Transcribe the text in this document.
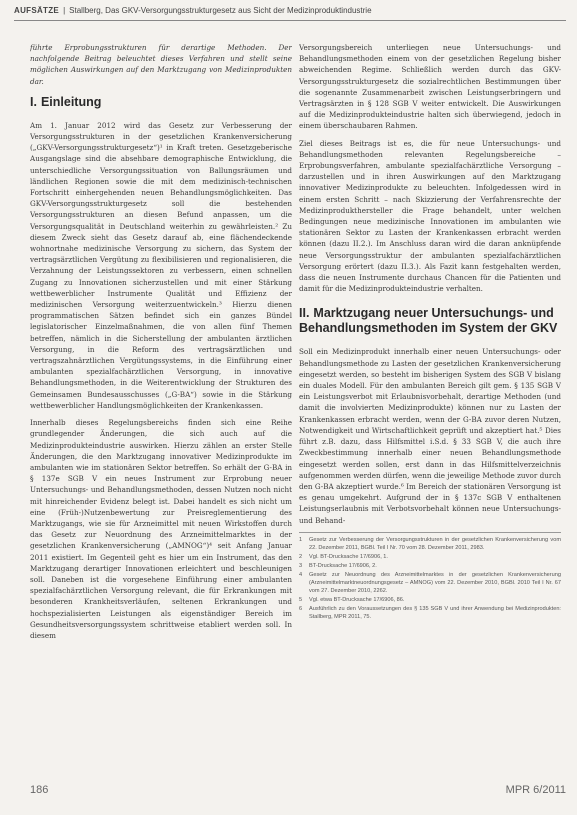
AUFSÄTZE | Stallberg, Das GKV-Versorgungsstrukturgesetz aus Sicht der Medizinproduktindustrie

führte Erprobungsstrukturen für derartige Methoden. Der nachfolgende Beitrag beleuchtet dieses Verfahren und stellt seine möglichen Auswirkungen auf den Marktzugang von Medizinprodukten dar.

I. Einleitung

Am 1. Januar 2012 wird das Gesetz zur Verbesserung der Versorgungsstrukturen in der gesetzlichen Krankenversicherung („GKV-Versorgungsstrukturgesetz“)¹ in Kraft treten. Gesetzgeberische Ausgangslage sind die absehbare demographische Entwicklung, die unterschiedliche Versorgungssituation von Ballungsräumen und ländlichen Regionen sowie die mit dem medizinisch-technischen Fortschritt einhergehenden neuen Behandlungsmöglichkeiten. Das GKV-Versorgungsstrukturgesetz soll die bestehenden Versorgungsstrukturen an diesen Befund anpassen, um die Versorgungsqualität in Deutschland weiterhin zu gewährleisten.² Zu diesem Zweck sieht das Gesetz darauf ab, eine flächendeckende wohnortnahe medizinische Versorgung zu sichern, das System der vertragsärztlichen Vergütung zu flexibilisieren und regionalisieren, die Verzahnung der Leistungssektoren zu verbessern, einen schnellen Zugang zu Innovationen sicherzustellen und mit einer Stärkung wettbewerblicher Instrumente Qualität und Effizienz der medizinischen Versorgung weiterzuentwickeln.³ Hierzu dienen programmatischen Sätzen befindet sich ein ganzes Bündel legislatorischer Einzelmaßnahmen, die von allen fünf Themen betreffen, nämlich in die Sicherstellung der ambulanten ärztlichen Versorgung, in die Reform des vertragsärztlichen und vertragszahnärztlichen Vergütungssystems, in die Einführung einer ambulanten spezialfachärztlichen Versorgung, in innovative Behandlungsmethoden, in die Weiterentwicklung der Strukturen des Gemeinsamen Bundesausschusses („G-BA“) sowie in die Stärkung wettbewerblicher Handlungsmöglichkeiten der Krankenkassen.

Innerhalb dieses Regelungsbereichs finden sich eine Reihe grundlegender Änderungen, die sich auch auf die Medizinprodukteindustrie auswirken. Hierzu zählen an erster Stelle Änderungen, die den Marktzugang innovativer Medizinprodukte im ambulanten wie im stationären Sektor betreffen. So erhält der G-BA in § 137e SGB V ein neues Instrument zur Erprobung neuer Untersuchungs- und Behandlungsmethoden, dessen Nutzen noch nicht mit hinreichender Evidenz belegt ist. Dabei handelt es sich nicht um eine (Früh-)Nutzenbewertung zur Preisreglementierung des Marktzugangs, wie sie für Arzneimittel mit neuen Wirkstoffen durch das Gesetz zur Neuordnung des Arzneimittelmarktes in der gesetzlichen Krankenversicherung („AMNOG“)⁴ seit Anfang Januar 2011 existiert. Im Gegenteil geht es hier um ein Instrument, das den Marktzugang derartiger Innovationen erleichtert und beschleunigen soll. Daneben ist die vorgesehene Einführung einer ambulanten spezialfachärztlichen Versorgung relevant, die für Erkrankungen mit besonderen Krankheitsverläufen, seltenen Erkrankungen und hochspezialisierten Leistungen als eigenständiger Bereich im Gesundheitsversorgungssystem schrittweise etabliert werden soll. In diesem

Versorgungsbereich unterliegen neue Untersuchungs- und Behandlungsmethoden einem von der gesetzlichen Regelung bisher abweichenden Regime. Schließlich werden durch das GKV-Versorgungsstrukturgesetz die sozialrechtlichen Bestimmungen über die sogenannte Zusammenarbeit zwischen Leistungserbringern und Vertragsärzten in § 128 SGB V weiter entwickelt. Die Auswirkungen auf die Medizinprodukteindustrie halten sich überwiegend, jedoch in einem überschaubaren Rahmen.

Ziel dieses Beitrags ist es, die für neue Untersuchungs- und Behandlungsmethoden relevanten Regelungsbereiche – Erprobungsverfahren, ambulante spezialfachärztliche Versorgung – darzustellen und in ihren Auswirkungen auf den Marktzugang innovativer Medizinprodukte zu beleuchten. Infolgedessen wird in einem ersten Schritt – nach Skizzierung der Verfahrensrechte der Medizinprodukthersteller die Frage behandelt, unter welchen Bedingungen neue medizinische Innovationen im ambulanten wie stationären Sektor zu Lasten der Krankenkassen erbracht werden können (dazu II.2.). Im Anschluss daran wird die daran anknüpfende neue Versorgungsstruktur der ambulanten spezialfachärztlichen Versorgung erörtert (dazu II.3.). Als Fazit kann festgehalten werden, dass die neuen Instrumente durchaus Chancen für die Patienten und damit für die Medizinprodukteindustrie verhalten.

II. Marktzugang neuer Untersuchungs- und Behandlungsmethoden im System der GKV

Soll ein Medizinprodukt innerhalb einer neuen Untersuchungs- oder Behandlungsmethode zu Lasten der gesetzlichen Krankenversicherung eingesetzt werden, so besteht im bisherigen System des SGB V bislang ein duales Modell. Für den ambulanten Bereich gilt gem. § 135 SGB V ein Leistungsverbot mit Erlaubnisvorbehalt, derartige Methoden (und damit die involvierten Medizinprodukte) können nur zu Lasten der Krankenkassen erbracht werden, wenn der G-BA zuvor deren Nutzen, Notwendigkeit und Wirtschaftlichkeit geprüft und akzeptiert hat.⁵ Dies führt z.B. dazu, dass Hilfsmittel i.S.d. § 33 SGB V, die auch ihre Zweckbestimmung innerhalb einer neuen Behandlungsmethode eingesetzt werden sollen, erst dann in das Hilfsmittelverzeichnis aufgenommen werden dürfen, wenn die jeweilige Methode zuvor durch den G-BA akzeptiert wurde.⁶ Im Bereich der stationären Versorgung ist es genau umgekehrt. Aufgrund der in § 137c SGB V enthaltenen Leistungserlaubnis mit Verbotsvorbehalt können neue Untersuchungs- und Behand-

1	Gesetz zur Verbesserung der Versorgungsstrukturen in der gesetzlichen Krankenversicherung vom 22. Dezember 2011, BGBl. Teil I Nr. 70 vom 28. Dezember 2011, 2983.
2	Vgl. BT-Drucksache 17/6906, 1.
3	BT-Drucksache 17/6906, 2.
4	Gesetz zur Neuordnung des Arzneimittelmarktes in der gesetzlichen Krankenversicherung (Arzneimittelmarktneuordnungsgesetz – AMNOG) vom 22. Dezember 2010, BGBl. 2010 Teil I Nr. 67 vom 27. Dezember 2010, 2262.
5	Vgl. etwa BT-Drucksache 17/6906, 86.
6	Ausführlich zu den Voraussetzungen des § 135 SGB V und ihrer Anwendung bei Medizinprodukten: Stallberg, MPR 2011, 75.
186	MPR 6/2011
